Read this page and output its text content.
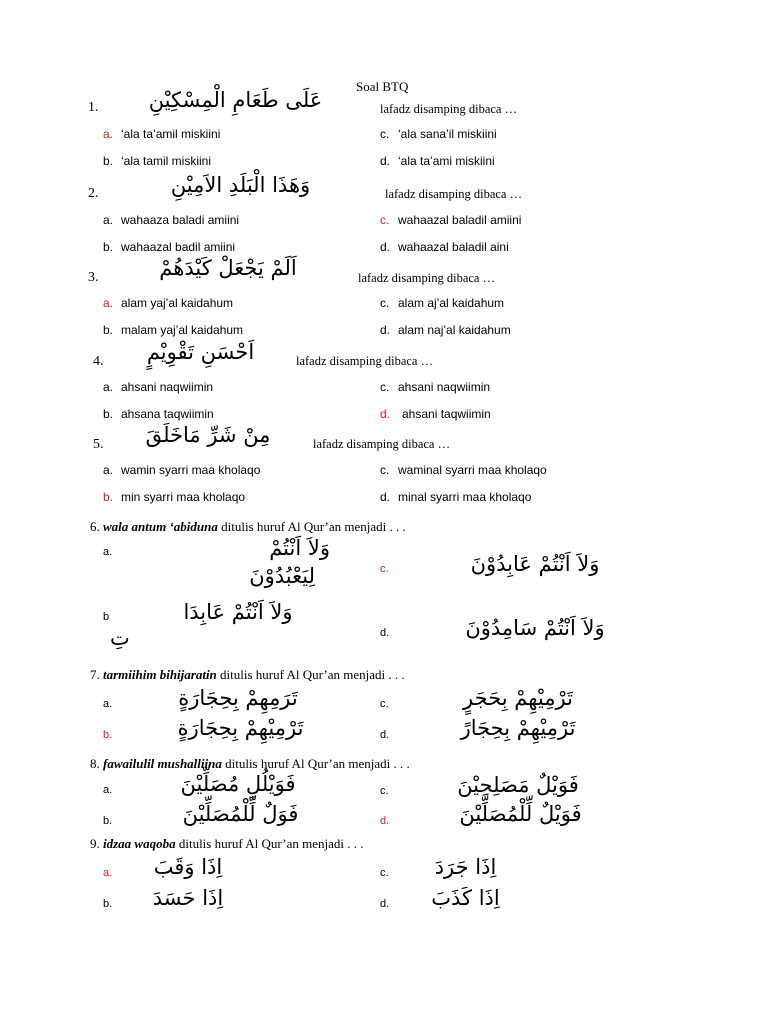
Soal BTQ
1.	عَلَى طَعَامِ الْمِسْكِيْنِ	lafadz disamping dibaca …
a. ‘ala ta’amil miskiini	c. ‘ala sana’il miskiini
b. ‘ala tamil miskiini	d. ‘ala ta’ami miskiini
2.	وَهَذَا الْبَلَدِ الاَمِيْنِ	lafadz disamping dibaca …
a. wahaaza baladi amiini	c. wahaazal baladil amiini
b. wahaazal badil amiini	d. wahaazal baladil aini
3.	اَلَمْ يَجْعَلْ كَيْدَهُمْ	lafadz disamping dibaca …
a. alam yaj’al kaidahum	c. alam aj’al kaidahum
b. malam yaj’al kaidahum	d. alam naj’al kaidahum
4.	اَحْسَنِ تَقْوِيْمٍ	lafadz disamping dibaca …
a. ahsani naqwiimin	c. ahsani naqwiimin
b. ahsana taqwiimin	d. ahsani taqwiimin
5.	مِنْ شَرِّ مَاخَلَقَ	lafadz disamping dibaca …
a. wamin syarri maa kholaqo	c. waminal syarri maa kholaqo
b. min syarri maa kholaqo	d. minal syarri maa kholaqo
6. wala antum ‘abiduna ditulis huruf Al Qur’an menjadi . . .
a.	وَلاَ اَنْتُمْ
لِيَعْبُدُوْنَ	c.	وَلاَ اَنْتُمْ عَابِدُوْنَ
b	وَلاَ اَنْتُمْ عَابِدَا
تِ	d.	وَلاَ اَنْتُمْ سَامِدُوْنَ
7. tarmiihim bihijaratin ditulis huruf Al Qur’an menjadi . . .
a.	تَرَمِهِمْ بِحِجَارَةٍ	c.	تَرْمِيْهِمْ بِحَجَرٍ
b.	تَرْمِيْهِمْ بِحِجَارَةٍ	d.	تَرْمِيْهِمْ بِحِجَارً
8. fawailulil mushalliina ditulis huruf Al Qur’an menjadi . . .
a.	فَوَيْلُلِ مُصَلِّيْنَ	c.	فَوَيْلٌ مَصَلِحِيْنَ
b.	فَوَلٌ لِّلْمُصَلِّيْنَ	d.	فَوَيْلٌ لِّلْمُصَلِّيْنَ
9. idzaa waqoba ditulis huruf Al Qur’an menjadi . . .
a.	اِذَا وَقَبَ	c.	اِذَا جَرَدَ
b.	اِذَا حَسَدَ	d.	اِذَا كَذَبَ
